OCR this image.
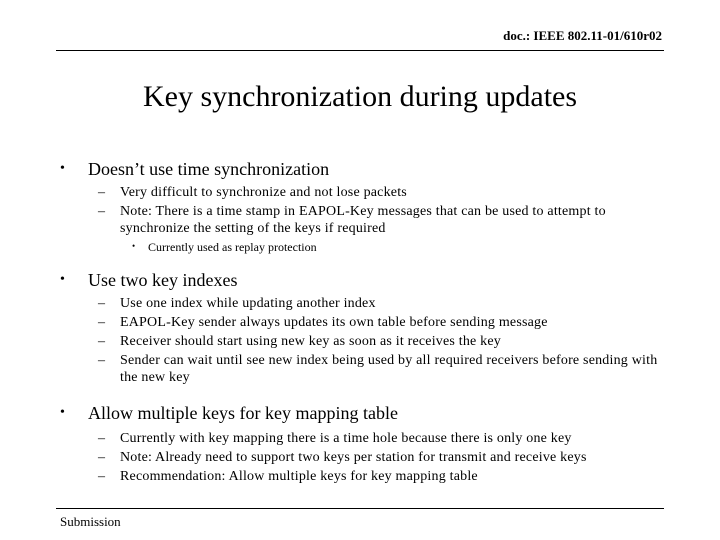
doc.: IEEE 802.11-01/610r02
Key synchronization during updates
• Doesn’t use time synchronization
– Very difficult to synchronize and not lose packets
– Note: There is a time stamp in EAPOL-Key messages that can be used to attempt to synchronize the setting of the keys if required
• Currently used as replay protection
• Use two key indexes
– Use one index while updating another index
– EAPOL-Key sender always updates its own table before sending message
– Receiver should start using new key as soon as it receives the key
– Sender can wait until see new index being used by all required receivers before sending with the new key
• Allow multiple keys for key mapping table
– Currently with key mapping there is a time hole because there is only one key
– Note: Already need to support two keys per station for transmit and receive keys
– Recommendation: Allow multiple keys for key mapping table
Submission
